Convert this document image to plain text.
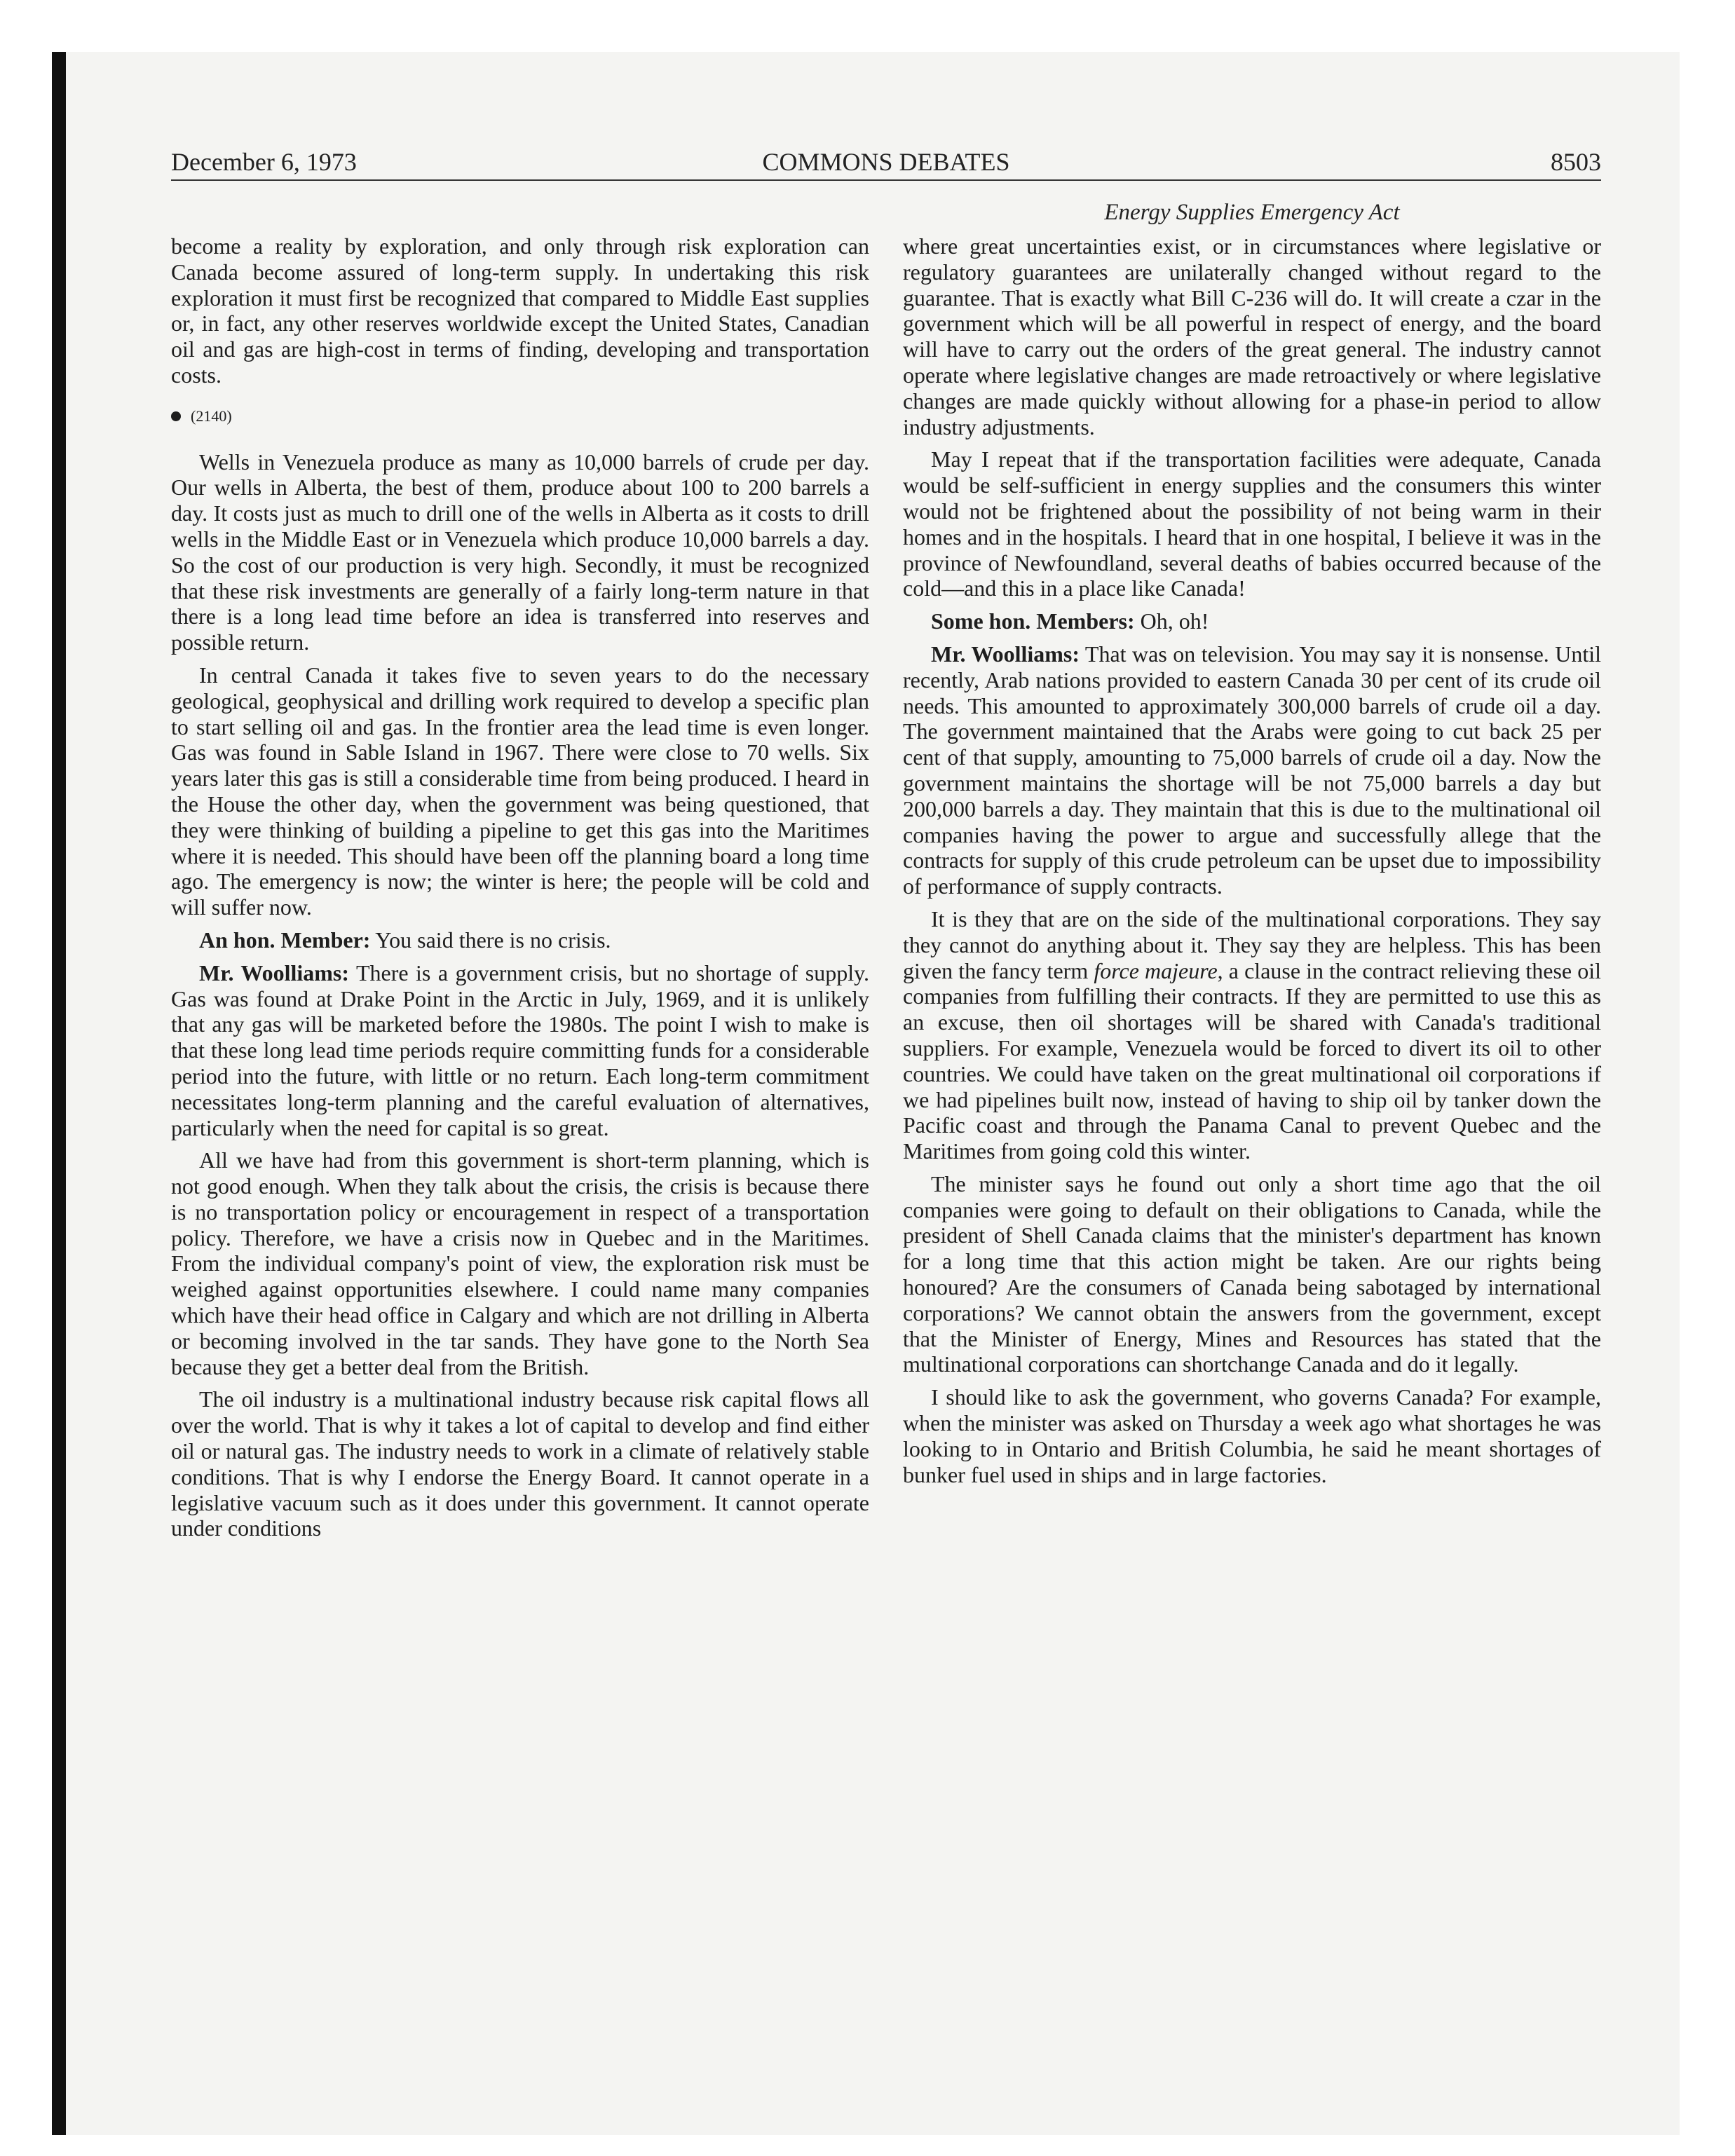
December 6, 1973	COMMONS DEBATES	8503
Energy Supplies Emergency Act

become a reality by exploration, and only through risk exploration can Canada become assured of long-term supply. In undertaking this risk exploration it must first be recognized that compared to Middle East supplies or, in fact, any other reserves worldwide except the United States, Canadian oil and gas are high-cost in terms of finding, developing and transportation costs.

(2140)

Wells in Venezuela produce as many as 10,000 barrels of crude per day. Our wells in Alberta, the best of them, produce about 100 to 200 barrels a day. It costs just as much to drill one of the wells in Alberta as it costs to drill wells in the Middle East or in Venezuela which produce 10,000 barrels a day. So the cost of our production is very high. Secondly, it must be recognized that these risk investments are generally of a fairly long-term nature in that there is a long lead time before an idea is transferred into reserves and possible return.

In central Canada it takes five to seven years to do the necessary geological, geophysical and drilling work required to develop a specific plan to start selling oil and gas. In the frontier area the lead time is even longer. Gas was found in Sable Island in 1967. There were close to 70 wells. Six years later this gas is still a considerable time from being produced. I heard in the House the other day, when the government was being questioned, that they were thinking of building a pipeline to get this gas into the Maritimes where it is needed. This should have been off the planning board a long time ago. The emergency is now; the winter is here; the people will be cold and will suffer now.

An hon. Member: You said there is no crisis.

Mr. Woolliams: There is a government crisis, but no shortage of supply. Gas was found at Drake Point in the Arctic in July, 1969, and it is unlikely that any gas will be marketed before the 1980s. The point I wish to make is that these long lead time periods require committing funds for a considerable period into the future, with little or no return. Each long-term commitment necessitates long-term planning and the careful evaluation of alternatives, particularly when the need for capital is so great.

All we have had from this government is short-term planning, which is not good enough. When they talk about the crisis, the crisis is because there is no transportation policy or encouragement in respect of a transportation policy. Therefore, we have a crisis now in Quebec and in the Maritimes. From the individual company's point of view, the exploration risk must be weighed against opportunities elsewhere. I could name many companies which have their head office in Calgary and which are not drilling in Alberta or becoming involved in the tar sands. They have gone to the North Sea because they get a better deal from the British.

The oil industry is a multinational industry because risk capital flows all over the world. That is why it takes a lot of capital to develop and find either oil or natural gas. The industry needs to work in a climate of relatively stable conditions. That is why I endorse the Energy Board. It cannot operate in a legislative vacuum such as it does under this government. It cannot operate under conditions

where great uncertainties exist, or in circumstances where legislative or regulatory guarantees are unilaterally changed without regard to the guarantee. That is exactly what Bill C-236 will do. It will create a czar in the government which will be all powerful in respect of energy, and the board will have to carry out the orders of the great general. The industry cannot operate where legislative changes are made retroactively or where legislative changes are made quickly without allowing for a phase-in period to allow industry adjustments.

May I repeat that if the transportation facilities were adequate, Canada would be self-sufficient in energy supplies and the consumers this winter would not be frightened about the possibility of not being warm in their homes and in the hospitals. I heard that in one hospital, I believe it was in the province of Newfoundland, several deaths of babies occurred because of the cold—and this in a place like Canada!

Some hon. Members: Oh, oh!

Mr. Woolliams: That was on television. You may say it is nonsense. Until recently, Arab nations provided to eastern Canada 30 per cent of its crude oil needs. This amounted to approximately 300,000 barrels of crude oil a day. The government maintained that the Arabs were going to cut back 25 per cent of that supply, amounting to 75,000 barrels of crude oil a day. Now the government maintains the shortage will be not 75,000 barrels a day but 200,000 barrels a day. They maintain that this is due to the multinational oil companies having the power to argue and successfully allege that the contracts for supply of this crude petroleum can be upset due to impossibility of performance of supply contracts.

It is they that are on the side of the multinational corporations. They say they cannot do anything about it. They say they are helpless. This has been given the fancy term force majeure, a clause in the contract relieving these oil companies from fulfilling their contracts. If they are permitted to use this as an excuse, then oil shortages will be shared with Canada's traditional suppliers. For example, Venezuela would be forced to divert its oil to other countries. We could have taken on the great multinational oil corporations if we had pipelines built now, instead of having to ship oil by tanker down the Pacific coast and through the Panama Canal to prevent Quebec and the Maritimes from going cold this winter.

The minister says he found out only a short time ago that the oil companies were going to default on their obligations to Canada, while the president of Shell Canada claims that the minister's department has known for a long time that this action might be taken. Are our rights being honoured? Are the consumers of Canada being sabotaged by international corporations? We cannot obtain the answers from the government, except that the Minister of Energy, Mines and Resources has stated that the multinational corporations can shortchange Canada and do it legally.

I should like to ask the government, who governs Canada? For example, when the minister was asked on Thursday a week ago what shortages he was looking to in Ontario and British Columbia, he said he meant shortages of bunker fuel used in ships and in large factories.
